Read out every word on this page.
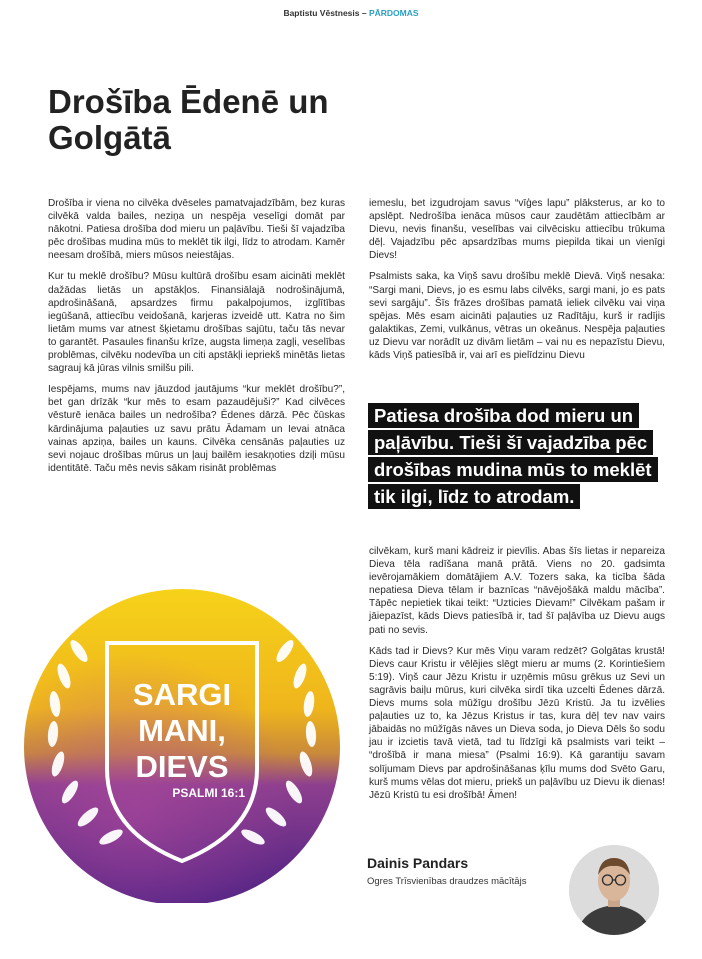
Baptistu Vēstnesis – PĀRDOMAS
Drošība Ēdenē un Golgātā

Drošība ir viena no cilvēka dvēseles pamatvajadzībām, bez kuras cilvēkā valda bailes, neziņa un nespēja veselīgi domāt par nākotni. Patiesa drošība dod mieru un paļāvību. Tieši šī vajadzība pēc drošības mudina mūs to meklēt tik ilgi, līdz to atrodam. Kamēr neesam drošībā, miers mūsos neiestājas.

Kur tu meklē drošību? Mūsu kultūrā drošību esam aicināti meklēt dažādas lietās un apstākļos. Finansiālajā nodrošinājumā, apdrošināšanā, apsardzes firmu pakalpojumos, izglītības iegūšanā, attiecību veidošanā, karjeras izveidē utt. Katra no šim lietām mums var atnest šķietamu drošības sajūtu, taču tās nevar to garantēt. Pasaules finanšu krīze, augsta limeņa zagļi, veselības problēmas, cilvēku nodevība un citi apstākļi iepriekš minētās lietas sagrauj kā jūras vilnis smilšu pili.

Iespējams, mums nav jāuzdod jautājums “kur meklēt drošību?”, bet gan drīzāk “kur mēs to esam pazaudējuši?” Kad cilvēces vēsturē ienāca bailes un nedrošība? Ēdenes dārzā. Pēc čūskas kārdinājuma paļauties uz savu prātu Ādamam un Ievai atnāca vainas apziņa, bailes un kauns. Cilvēka censānās paļauties uz sevi nojauc drošības mūrus un ļauj bailēm iesakņoties dziļi mūsu identitātē. Taču mēs nevis sākam risināt problēmas

iemeslu, bet izgudrojam savus “vīģes lapu” plāksterus, ar ko to apslēpt. Nedrošība ienāca mūsos caur zaudētām attiecībām ar Dievu, nevis finanšu, veselības vai cilvēcisku attiecību trūkuma dēļ. Vajadzību pēc apsardzības mums piepilda tikai un vienīgi Dievs!

Psalmists saka, ka Viņš savu drošību meklē Dievā. Viņš nesaka: “Sargi mani, Dievs, jo es esmu labs cilvēks, sargi mani, jo es pats sevi sargāju”. Šīs frāzes drošības pamatā ieliek cilvēku vai viņa spējas. Mēs esam aicināti paļauties uz Radītāju, kurš ir radījis galaktikas, Zemi, vulkānus, vētras un okeānus. Nespēja paļauties uz Dievu var norādīt uz divām lietām – vai nu es nepazīstu Dievu, kāds Viņš patiesībā ir, vai arī es pielīdzinu Dievu

Patiesa drošība dod mieru un paļāvību. Tieši šī vajadzība pēc drošības mudina mūs to meklēt tik ilgi, līdz to atrodam.

cilvēkam, kurš mani kādreiz ir pievīlis. Abas šīs lietas ir nepareiza Dieva tēla radīšana manā prātā. Viens no 20. gadsimta ievērojamākiem domātājiem A.V. Tozers saka, ka ticība šāda nepatiesa Dieva tēlam ir baznīcas “nāvējošākā maldu mācība”. Tāpēc nepietiek tikai teikt: “Uzticies Dievam!” Cilvēkam pašam ir jāiepazīst, kāds Dievs patiesībā ir, tad šī paļāvība uz Dievu augs pati no sevis.

Kāds tad ir Dievs? Kur mēs Viņu varam redzēt? Golgātas krustā! Dievs caur Kristu ir vēlējies slēgt mieru ar mums (2. Korintiešiem 5:19). Viņš caur Jēzu Kristu ir uzņēmis mūsu grēkus uz Sevi un sagrāvis baiļu mūrus, kuri cilvēka sirdī tika uzcelti Ēdenes dārzā. Dievs mums sola mūžīgu drošību Jēzū Kristū. Ja tu izvēlies paļauties uz to, ka Jēzus Kristus ir tas, kura dēļ tev nav vairs jābaidās no mūžīgās nāves un Dieva soda, jo Dieva Dēls šo sodu jau ir izcietis tavā vietā, tad tu līdzīgi kā psalmists vari teikt – “drošībā ir mana miesa” (Psalmi 16:9). Kā garantiju savam solījumam Dievs par apdrošināšanas ķīlu mums dod Svēto Garu, kurš mums vēlas dot mieru, priekš un paļāvību uz Dievu ik dienas! Jēzū Kristū tu esi drošībā! Āmen!

SARGI
MANI,
DIEVS
PSALMI 16:1
Dainis Pandars
Ogres Trīsvienības draudzes mācītājs
